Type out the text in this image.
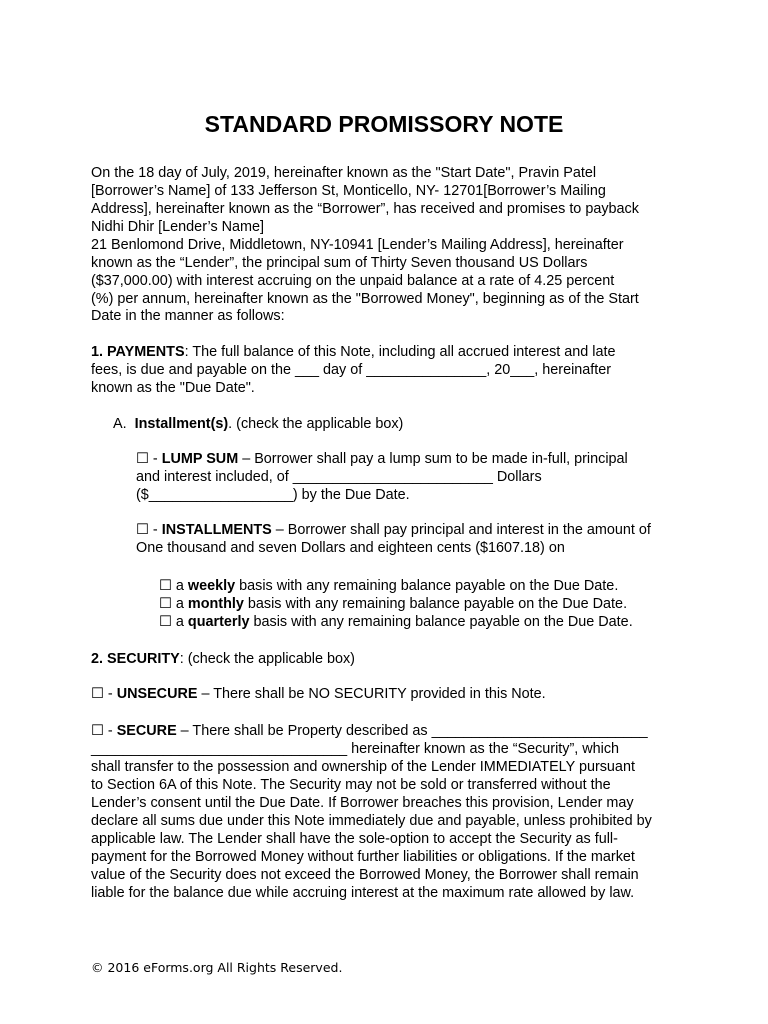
STANDARD PROMISSORY NOTE
On the 18 day of July, 2019, hereinafter known as the "Start Date", Pravin Patel
[Borrower’s Name] of 133 Jefferson St, Monticello, NY- 12701[Borrower’s Mailing
Address], hereinafter known as the “Borrower”, has received and promises to payback
Nidhi Dhir [Lender’s Name]
21 Benlomond Drive, Middletown, NY-10941 [Lender’s Mailing Address], hereinafter
known as the “Lender”, the principal sum of Thirty Seven thousand US Dollars
($37,000.00) with interest accruing on the unpaid balance at a rate of 4.25 percent
(%) per annum, hereinafter known as the "Borrowed Money", beginning as of the Start
Date in the manner as follows:
1. PAYMENTS: The full balance of this Note, including all accrued interest and late
fees, is due and payable on the ___ day of _______________, 20___, hereinafter
known as the "Due Date".
A. Installment(s). (check the applicable box)
☐ - LUMP SUM – Borrower shall pay a lump sum to be made in-full, principal
and interest included, of _________________________ Dollars
($__________________) by the Due Date.
☐ - INSTALLMENTS – Borrower shall pay principal and interest in the amount of
One thousand and seven Dollars and eighteen cents ($1607.18) on
☐ a weekly basis with any remaining balance payable on the Due Date.
☐ a monthly basis with any remaining balance payable on the Due Date.
☐ a quarterly basis with any remaining balance payable on the Due Date.
2. SECURITY: (check the applicable box)
☐ - UNSECURE – There shall be NO SECURITY provided in this Note.
☐ - SECURE – There shall be Property described as ___________________________
________________________________ hereinafter known as the “Security”, which
shall transfer to the possession and ownership of the Lender IMMEDIATELY pursuant
to Section 6A of this Note. The Security may not be sold or transferred without the
Lender’s consent until the Due Date. If Borrower breaches this provision, Lender may
declare all sums due under this Note immediately due and payable, unless prohibited by
applicable law. The Lender shall have the sole-option to accept the Security as full-
payment for the Borrowed Money without further liabilities or obligations. If the market
value of the Security does not exceed the Borrowed Money, the Borrower shall remain
liable for the balance due while accruing interest at the maximum rate allowed by law.
© 2016 eForms.org All Rights Reserved.
